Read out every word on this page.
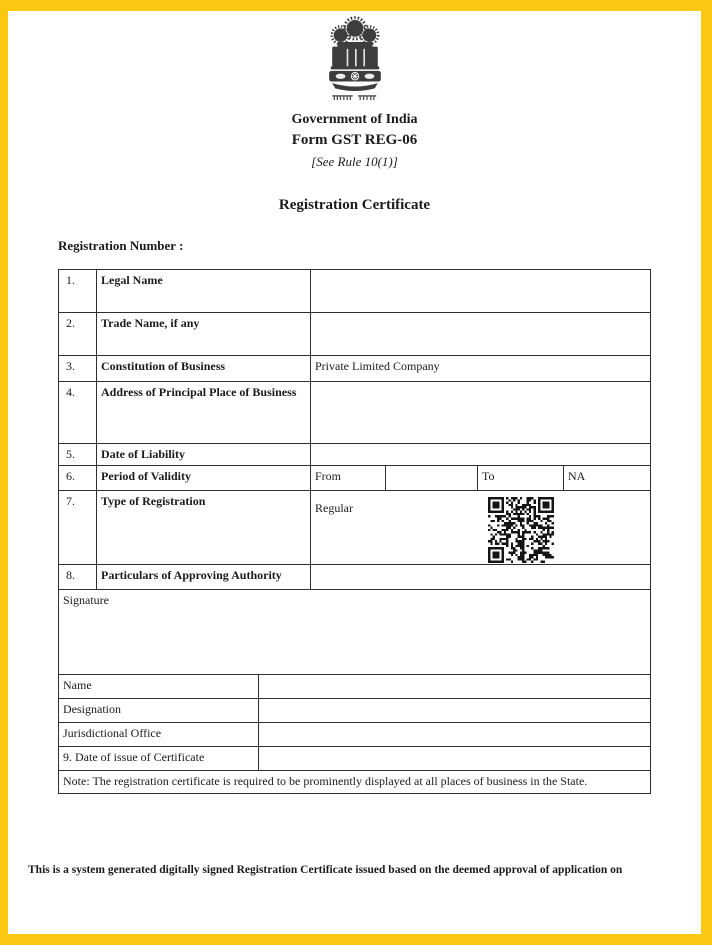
Government of India
Form GST REG-06
[See Rule 10(1)]
Registration Certificate
Registration Number :
1.	Legal Name				
2.	Trade Name, if any				
3.	Constitution of Business	Private Limited Company			
4.	Address of Principal Place of Business				
5.	Date of Liability				
6.	Period of Validity	From		To	NA
7.	Type of Registration	Regular			

8.	Particulars of Approving Authority				
Signature	
Name	
Designation	
Jurisdictional Office	
9. Date of issue of Certificate	
Note: The registration certificate is required to be prominently displayed at all places of business in the State.	
This is a system generated digitally signed Registration Certificate issued based on the deemed approval of application on
